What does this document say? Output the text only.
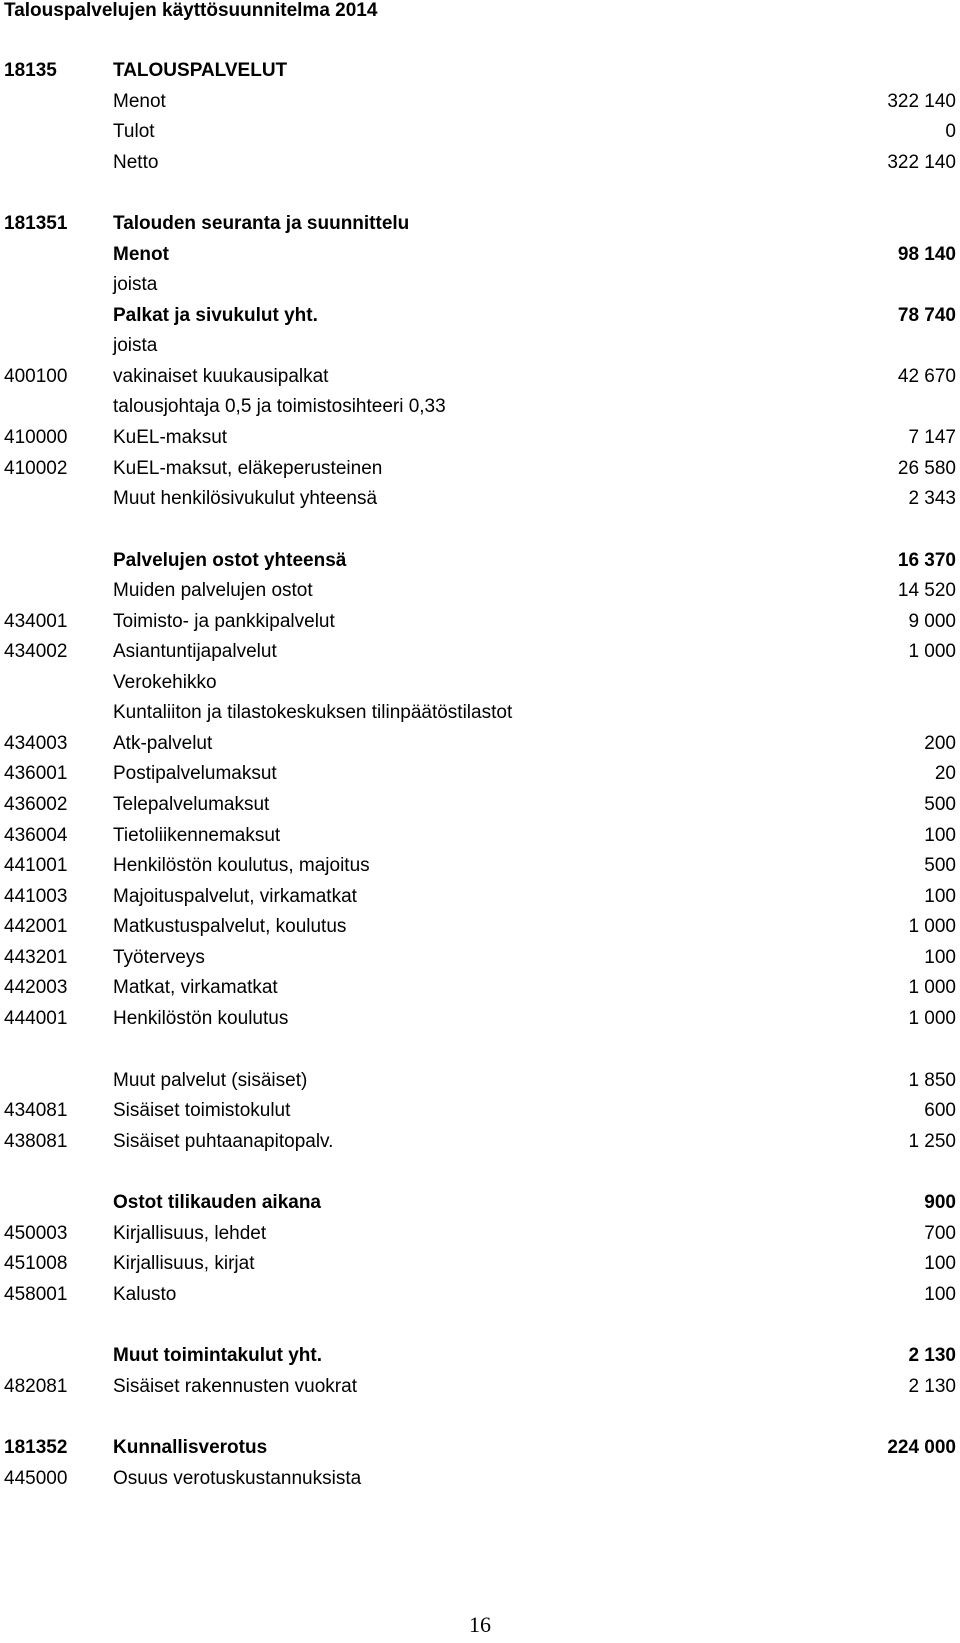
Talouspalvelujen käyttösuunnitelma 2014
18135	TALOUSPALVELUT
Menot	322 140
Tulot	0
Netto	322 140
181351 Talouden seuranta ja suunnittelu
Menot	98 140
joista
Palkat ja sivukulut yht.	78 740
joista
400100 vakinaiset kuukausipalkat	42 670
talousjohtaja 0,5 ja toimistosihteeri 0,33
410000 KuEL-maksut	7 147
410002 KuEL-maksut, eläkeperusteinen	26 580
Muut henkilösivukulut yhteensä	2 343
Palvelujen ostot yhteensä	16 370
Muiden palvelujen ostot	14 520
434001 Toimisto- ja pankkipalvelut	9 000
434002 Asiantuntijapalvelut	1 000
Verokehikko
Kuntaliiton ja tilastokeskuksen tilinpäätöstilastot
434003 Atk-palvelut	200
436001 Postipalvelumaksut	20
436002 Telepalvelumaksut	500
436004 Tietoliikennemaksut	100
441001 Henkilöstön koulutus, majoitus	500
441003 Majoituspalvelut, virkamatkat	100
442001 Matkustuspalvelut, koulutus	1 000
443201 Työterveys	100
442003 Matkat, virkamatkat	1 000
444001 Henkilöstön koulutus	1 000
Muut palvelut (sisäiset)	1 850
434081 Sisäiset toimistokulut	600
438081 Sisäiset puhtaanapitopalv.	1 250
Ostot tilikauden aikana	900
450003 Kirjallisuus, lehdet	700
451008 Kirjallisuus, kirjat	100
458001 Kalusto	100
Muut toimintakulut yht.	2 130
482081 Sisäiset rakennusten vuokrat	2 130
181352 Kunnallisverotus	224 000
445000 Osuus verotuskustannuksista
16
